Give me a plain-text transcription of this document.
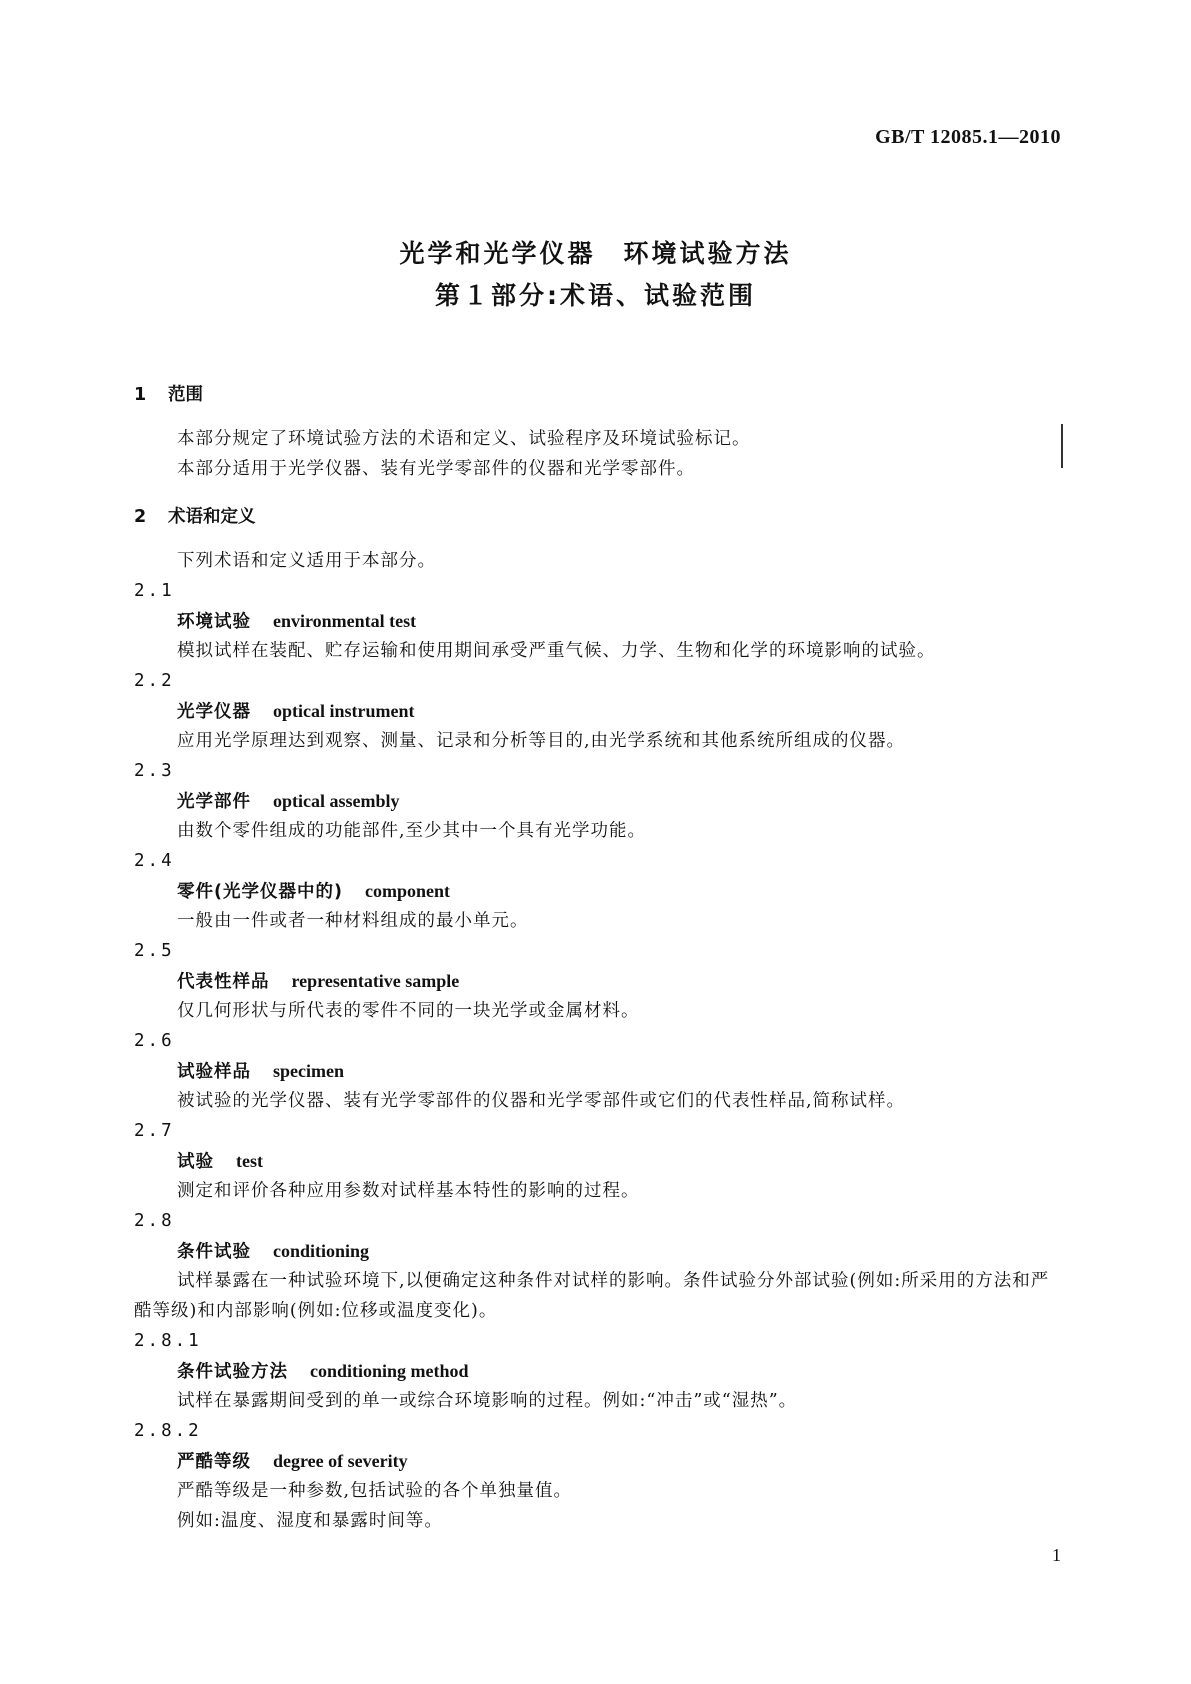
GB/T 12085.1—2010
光学和光学仪器　环境试验方法
第１部分:术语、试验范围
1 范围
本部分规定了环境试验方法的术语和定义、试验程序及环境试验标记。
本部分适用于光学仪器、装有光学零部件的仪器和光学零部件。
2 术语和定义
下列术语和定义适用于本部分。
2.1
环境试验 environmental test
模拟试样在装配、贮存运输和使用期间承受严重气候、力学、生物和化学的环境影响的试验。
2.2
光学仪器 optical instrument
应用光学原理达到观察、测量、记录和分析等目的,由光学系统和其他系统所组成的仪器。
2.3
光学部件 optical assembly
由数个零件组成的功能部件,至少其中一个具有光学功能。
2.4
零件(光学仪器中的) component
一般由一件或者一种材料组成的最小单元。
2.5
代表性样品 representative sample
仅几何形状与所代表的零件不同的一块光学或金属材料。
2.6
试验样品 specimen
被试验的光学仪器、装有光学零部件的仪器和光学零部件或它们的代表性样品,简称试样。
2.7
试验 test
测定和评价各种应用参数对试样基本特性的影响的过程。
2.8
条件试验 conditioning
试样暴露在一种试验环境下,以便确定这种条件对试样的影响。条件试验分外部试验(例如:所采用的方法和严酷等级)和内部影响(例如:位移或温度变化)。
2.8.1
条件试验方法 conditioning method
试样在暴露期间受到的单一或综合环境影响的过程。例如:“冲击”或“湿热”。
2.8.2
严酷等级 degree of severity
严酷等级是一种参数,包括试验的各个单独量值。
例如:温度、湿度和暴露时间等。
1
